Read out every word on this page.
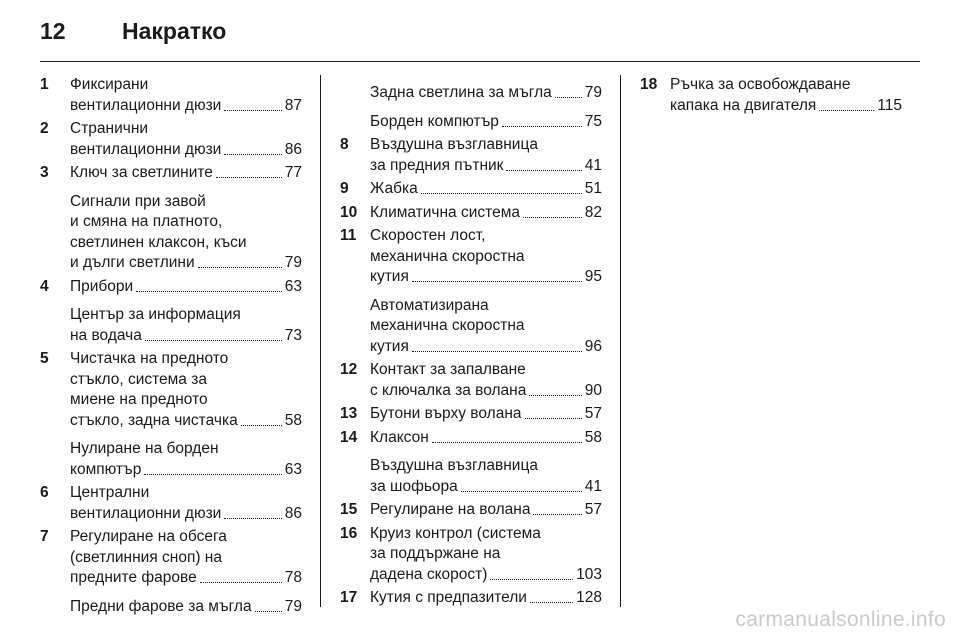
12	Накратко
1	Фиксирани
вентилационни дюзи	87
2	Странични
вентилационни дюзи	86
3	Ключ за светлините	77
Сигнали при завой
и смяна на платното,
светлинен клаксон, къси
и дълги светлини	79
4	Прибори	63
Център за информация
на водача	73
5	Чистачка на предното
стъкло, система за
миене на предното
стъкло, задна чистачка	58
Нулиране на борден
компютър	63
6	Централни
вентилационни дюзи	86
7	Регулиране на обсега
(светлинния сноп) на
предните фарове	78
Предни фарове за мъгла 79
Задна светлина за мъгла 79
Борден компютър	75
8	Въздушна възглавница
за предния пътник	41
9	Жабка	51
10 Климатична система	82
11 Скоростен лост,
механична скоростна
кутия	95
Автоматизирана
механична скоростна
кутия	96
12 Контакт за запалване
с ключалка за волана	90
13 Бутони върху волана	57
14 Клаксон	58
Въздушна възглавница
за шофьора	41
15 Регулиране на волана	57
16 Круиз контрол (система
за поддържане на
дадена скорост)	103
17 Кутия с предпазители	128
18 Ръчка за освобождаване
капака на двигателя	115
carmanualsonline.info
